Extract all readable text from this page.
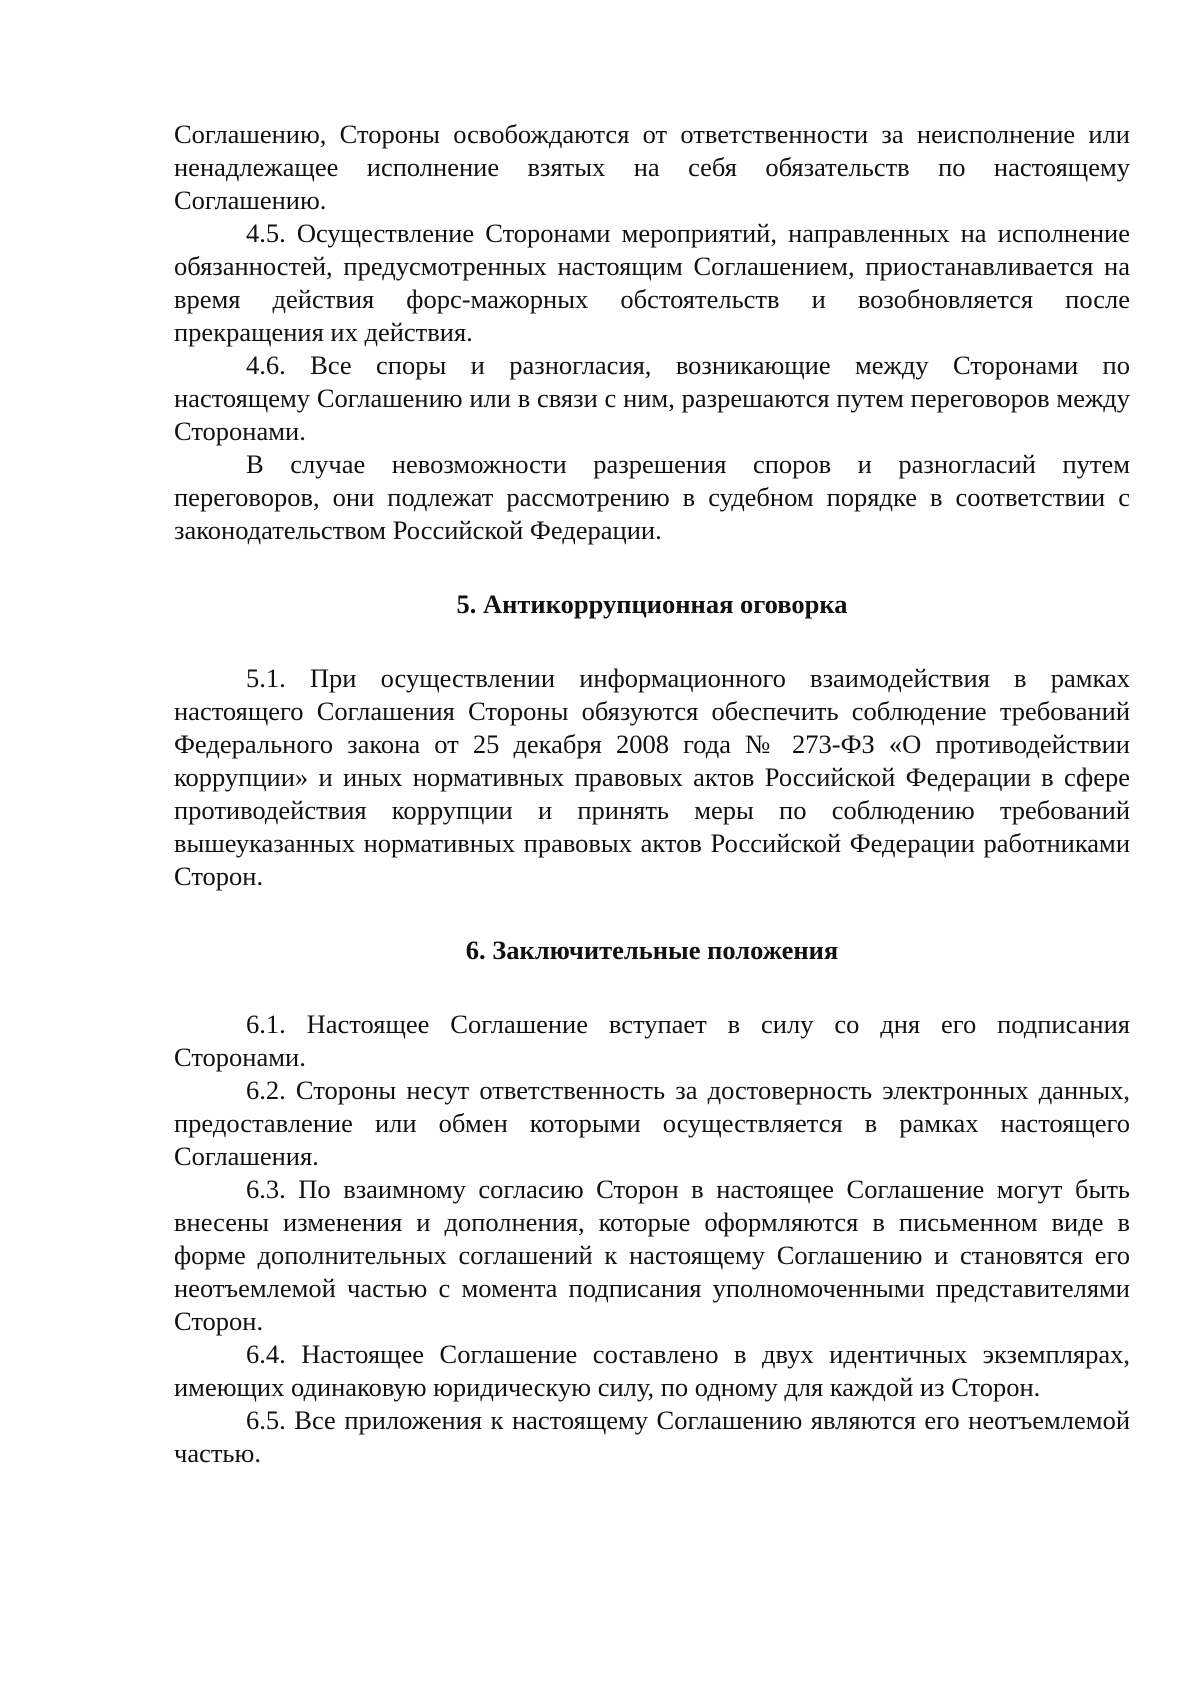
Соглашению, Стороны освобождаются от ответственности за неисполнение или ненадлежащее исполнение взятых на себя обязательств по настоящему Соглашению.

4.5. Осуществление Сторонами мероприятий, направленных на исполнение обязанностей, предусмотренных настоящим Соглашением, приостанавливается на время действия форс-мажорных обстоятельств и возобновляется после прекращения их действия.

4.6. Все споры и разногласия, возникающие между Сторонами по настоящему Соглашению или в связи с ним, разрешаются путем переговоров между Сторонами.

В случае невозможности разрешения споров и разногласий путем переговоров, они подлежат рассмотрению в судебном порядке в соответствии с законодательством Российской Федерации.

5. Антикоррупционная оговорка

5.1. При осуществлении информационного взаимодействия в рамках настоящего Соглашения Стороны обязуются обеспечить соблюдение требований Федерального закона от 25 декабря 2008 года № 273-ФЗ «О противодействии коррупции» и иных нормативных правовых актов Российской Федерации в сфере противодействия коррупции и принять меры по соблюдению требований вышеуказанных нормативных правовых актов Российской Федерации работниками Сторон.

6. Заключительные положения

6.1. Настоящее Соглашение вступает в силу со дня его подписания Сторонами.

6.2. Стороны несут ответственность за достоверность электронных данных, предоставление или обмен которыми осуществляется в рамках настоящего Соглашения.

6.3. По взаимному согласию Сторон в настоящее Соглашение могут быть внесены изменения и дополнения, которые оформляются в письменном виде в форме дополнительных соглашений к настоящему Соглашению и становятся его неотъемлемой частью с момента подписания уполномоченными представителями Сторон.

6.4. Настоящее Соглашение составлено в двух идентичных экземплярах, имеющих одинаковую юридическую силу, по одному для каждой из Сторон.

6.5. Все приложения к настоящему Соглашению являются его неотъемлемой частью.
